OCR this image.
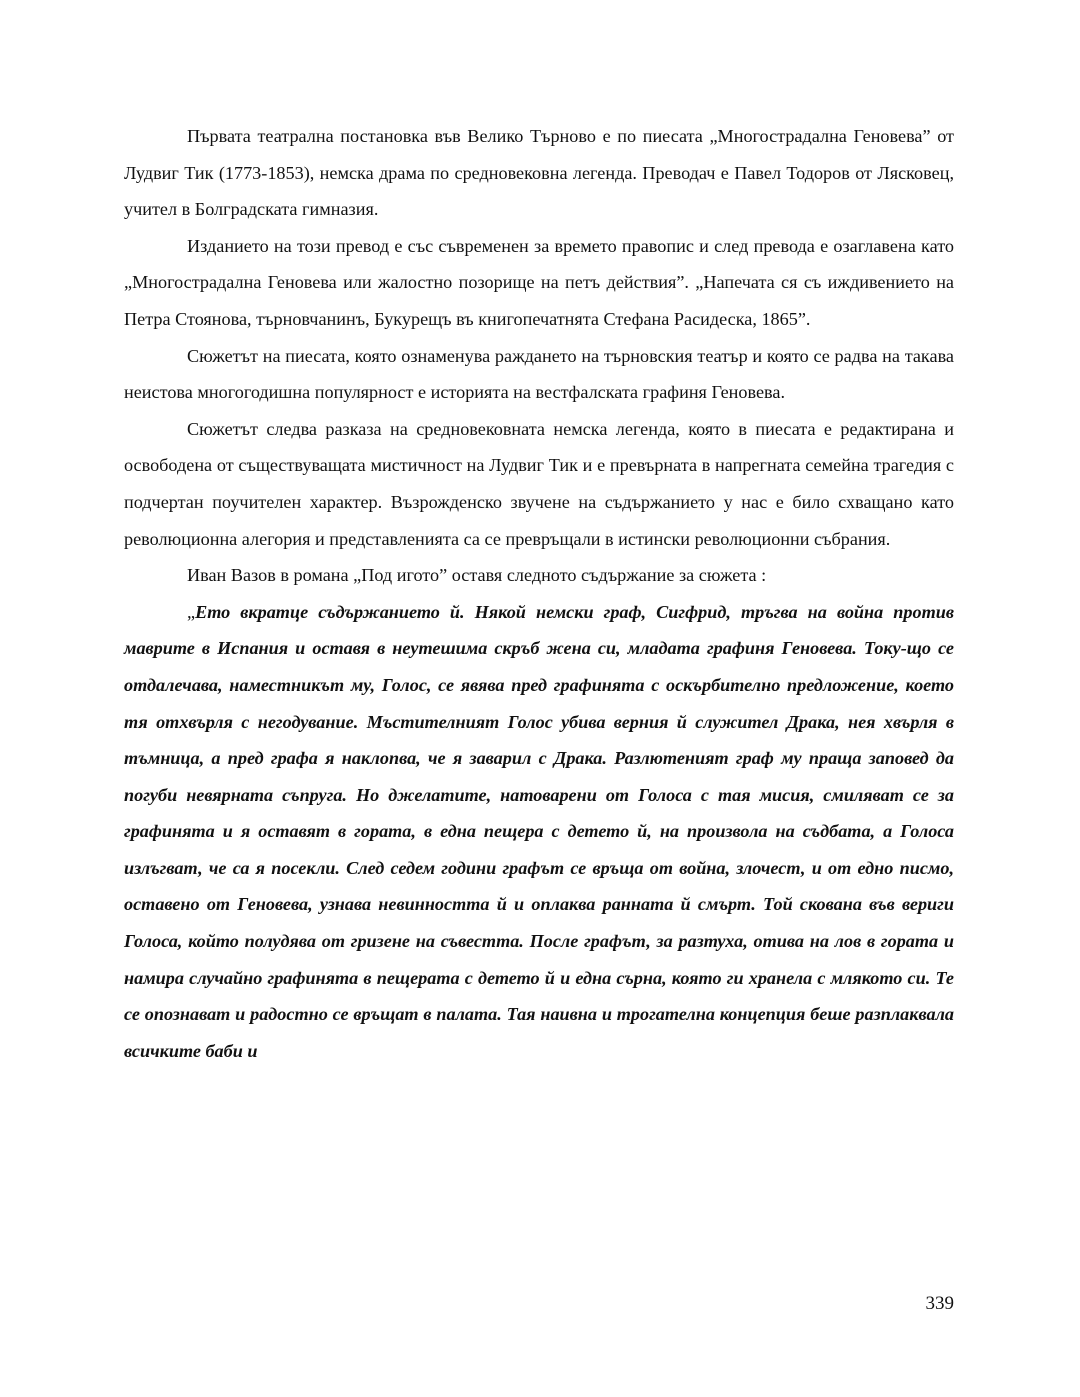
Първата театрална постановка във Велико Търново е по пиесата „Многострадална Геновева” от Лудвиг Тик (1773-1853), немска драма по средновековна легенда. Преводач е Павел Тодоров от Лясковец, учител в Болградската гимназия.

Изданието на този превод е със съвременен за времето правопис и след превода е озаглавена като „Многострадална Геновева или жалостно позорище на петъ действия”. „Напечата ся съ иждивението на Петра Стоянова, търновчанинъ, Букурещъ въ книгопечатнята Стефана Расидеска, 1865”.

Сюжетът на пиесата, която ознаменува раждането на търновския театър и която се радва на такава неистова многогодишна популярност е историята на вестфалската графиня Геновева.

Сюжетът следва разказа на средновековната немска легенда, която в пиесата е редактирана и освободена от съществуващата мистичност на Лудвиг Тик и е превърната в напрегната семейна трагедия с подчертан поучителен характер. Възрожденско звучене на съдържанието у нас е било схващано като революционна алегория и представленията са се превръщали в истински революционни събрания.

Иван Вазов в романа „Под игото” оставя следното съдържание за сюжета :

„Ето вкратце съдържанието й. Някой немски граф, Сигфрид, тръгва на война против маврите в Испания и оставя в неутешима скръб жена си, младата графиня Геновева. Току-що се отдалечава, наместникът му, Голос, се явява пред графинята с оскърбително предложение, което тя отхвърля с негодувание. Мъстителният Голос убива верния й служител Драка, нея хвърля в тъмница, а пред графа я наклопва, че я заварил с Драка. Разлютеният граф му праща заповед да погуби невярната съпруга. Но джелатите, натоварени от Голоса с тая мисия, смиляват се за графинята и я оставят в гората, в една пещера с детето й, на произвола на съдбата, а Голоса излъгват, че са я посекли. След седем години графът се връща от война, злочест, и от едно писмо, оставено от Геновева, узнава невинността й и оплаква ранната й смърт. Той скована във вериги Голоса, който полудява от гризене на съвестта. После графът, за разтуха, отива на лов в гората и намира случайно графинята в пещерата с детето й и една сърна, която ги хранела с млякото си. Те се опознават и радостно се връщат в палата. Тая наивна и трогателна концепция беше разплаквала всичките баби и

339
